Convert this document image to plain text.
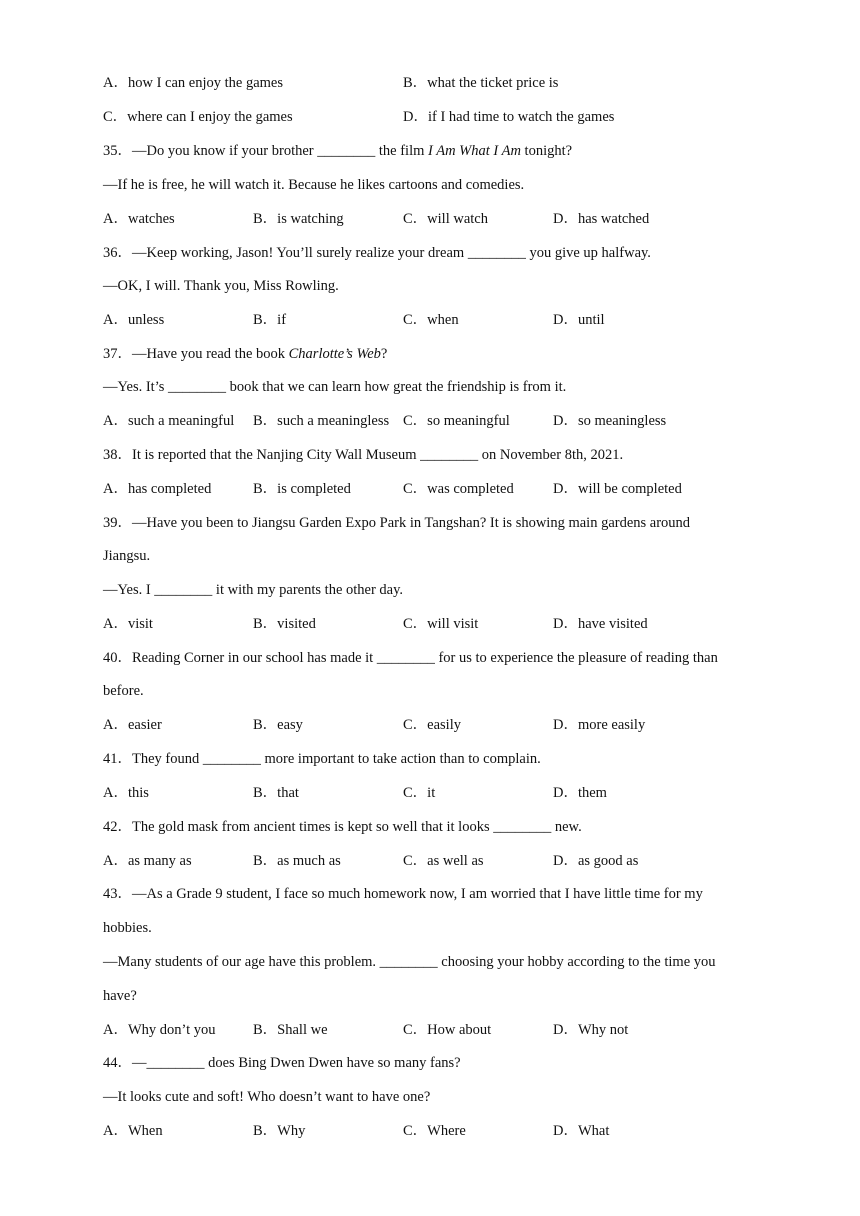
A．how I can enjoy the games	B．what the ticket price is
C．where can I enjoy the games	D．if I had time to watch the games
35．—Do you know if your brother ________ the film I Am What I Am tonight?
—If he is free, he will watch it. Because he likes cartoons and comedies.
A．watches	B．is watching	C．will watch	D．has watched
36．—Keep working, Jason! You’ll surely realize your dream ________ you give up halfway.
—OK, I will. Thank you, Miss Rowling.
A．unless	B．if	C．when	D．until
37．—Have you read the book Charlotte’s Web?
—Yes. It’s ________ book that we can learn how great the friendship is from it.
A．such a meaningful B．such a meaningless C．so meaningful	D．so meaningless
38．It is reported that the Nanjing City Wall Museum ________ on November 8th, 2021.
A．has completed	B．is completed	C．was completed	D．will be completed
39．—Have you been to Jiangsu Garden Expo Park in Tangshan? It is showing main gardens around
Jiangsu.
—Yes. I ________ it with my parents the other day.
A．visit	B．visited	C．will visit	D．have visited
40．Reading Corner in our school has made it ________ for us to experience the pleasure of reading than
before.
A．easier	B．easy	C．easily	D．more easily
41．They found ________ more important to take action than to complain.
A．this	B．that	C．it	D．them
42．The gold mask from ancient times is kept so well that it looks ________ new.
A．as many as	B．as much as	C．as well as	D．as good as
43．—As a Grade 9 student, I face so much homework now, I am worried that I have little time for my
hobbies.
—Many students of our age have this problem. ________ choosing your hobby according to the time you
have?
A．Why don’t you	B．Shall we	C．How about	D．Why not
44．—________ does Bing Dwen Dwen have so many fans?
—It looks cute and soft! Who doesn’t want to have one?
A．When	B．Why	C．Where	D．What
